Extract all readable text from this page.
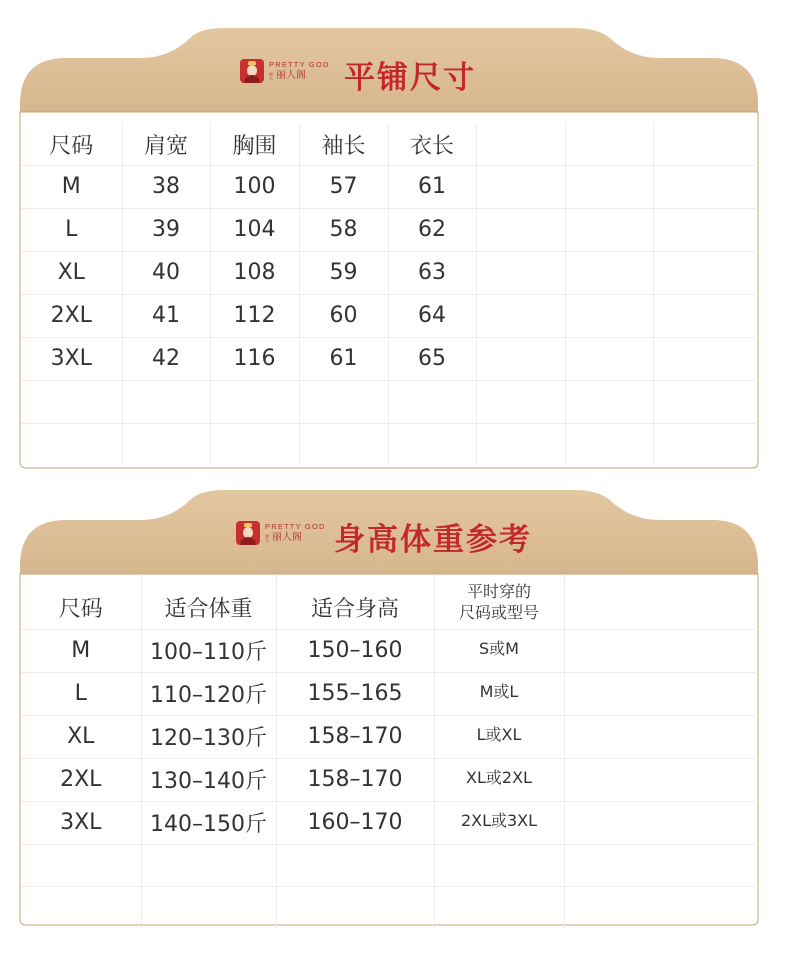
PRETTY GOD
丽人 丽人阁 平铺尺寸
尺码	肩宽	胸围	袖长	衣长			
M	38	100	57	61			
L	39	104	58	62			
XL	40	108	59	63			
2XL	41	112	60	64			
3XL	42	116	61	65			

PRETTY GOD
丽人 丽人阁 身高体重参考
尺码	适合体重	适合身高	平时穿的
尺码或型号	

M	100–110斤	150–160	S或M	
L	110–120斤	155–165	M或L	
XL	120–130斤	158–170	L或XL	
2XL	130–140斤	158–170	XL或2XL	
3XL	140–150斤	160–170	2XL或3XL	
